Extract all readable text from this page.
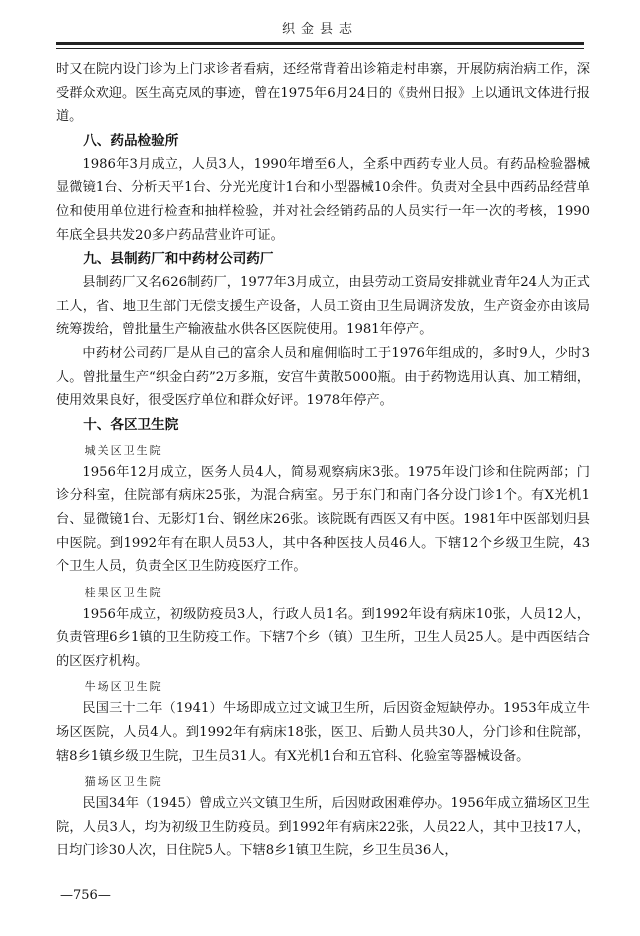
织金县志

时又在院内设门诊为上门求诊者看病，还经常背着出诊箱走村串寨，开展防病治病工作，深受群众欢迎。医生高克凤的事迹，曾在1975年6月24日的《贵州日报》上以通讯文体进行报道。

八、药品检验所

1986年3月成立，人员3人，1990年增至6人，全系中西药专业人员。有药品检验器械显微镜1台、分析天平1台、分光光度计1台和小型器械10余件。负责对全县中西药品经营单位和使用单位进行检查和抽样检验，并对社会经销药品的人员实行一年一次的考核，1990年底全县共发20多户药品营业许可证。

九、县制药厂和中药材公司药厂

县制药厂又名626制药厂，1977年3月成立，由县劳动工资局安排就业青年24人为正式工人，省、地卫生部门无偿支援生产设备，人员工资由卫生局调济发放，生产资金亦由该局统筹拨给，曾批量生产输液盐水供各区医院使用。1981年停产。

中药材公司药厂是从自己的富余人员和雇佣临时工于1976年组成的，多时9人，少时3人。曾批量生产“织金白药”2万多瓶，安宫牛黄散5000瓶。由于药物选用认真、加工精细，使用效果良好，很受医疗单位和群众好评。1978年停产。

十、各区卫生院
城关区卫生院

1956年12月成立，医务人员4人，简易观察病床3张。1975年设门诊和住院两部；门诊分科室，住院部有病床25张，为混合病室。另于东门和南门各分设门诊1个。有X光机1台、显微镜1台、无影灯1台、钢丝床26张。该院既有西医又有中医。1981年中医部划归县中医院。到1992年有在职人员53人，其中各种医技人员46人。下辖12个乡级卫生院，43个卫生人员，负责全区卫生防疫医疗工作。

桂果区卫生院

1956年成立，初级防疫员3人，行政人员1名。到1992年设有病床10张，人员12人，负责管理6乡1镇的卫生防疫工作。下辖7个乡（镇）卫生所，卫生人员25人。是中西医结合的区医疗机构。

牛场区卫生院

民国三十二年（1941）牛场即成立过文诚卫生所，后因资金短缺停办。1953年成立牛场区医院，人员4人。到1992年有病床18张，医卫、后勤人员共30人，分门诊和住院部，辖8乡1镇乡级卫生院，卫生员31人。有X光机1台和五官科、化验室等器械设备。

猫场区卫生院

民国34年（1945）曾成立兴文镇卫生所，后因财政困难停办。1956年成立猫场区卫生院，人员3人，均为初级卫生防疫员。到1992年有病床22张，人员22人，其中卫技17人，日均门诊30人次，日住院5人。下辖8乡1镇卫生院，乡卫生员36人，

—756—
